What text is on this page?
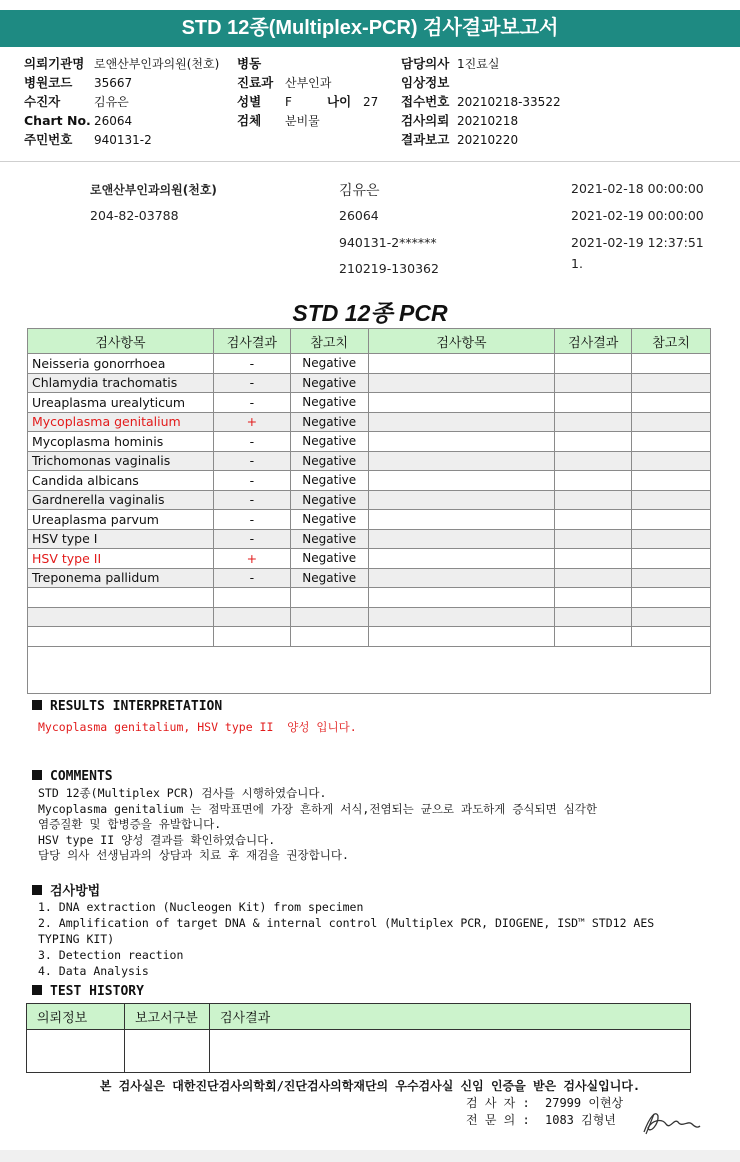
STD 12종(Multiplex-PCR) 검사결과보고서
의뢰기관명 로앤산부인과의원(천호)
병원코드 35667
수진자	김유은
Chart No. 26064
주민번호 940131-2
병동
진료과 산부인과
성별 F
검체 분비물
나이 27
담당의사 1진료실
임상정보
접수번호 20210218-33522
검사의뢰 20210218
결과보고 20210220
로앤산부인과의원(천호)
204-82-03788
김유은
26064
940131-2******
210219-130362
2021-02-18 00:00:00
2021-02-19 00:00:00
2021-02-19 12:37:51
1.
STD 12종 PCR
검사항목	검사결과	참고치	검사항목	검사결과	참고치
Neisseria gonorrhoea	-	Negative			
Chlamydia trachomatis	-	Negative			
Ureaplasma urealyticum	-	Negative			
Mycoplasma genitalium	+	Negative			
Mycoplasma hominis	-	Negative			
Trichomonas vaginalis	-	Negative			
Candida albicans	-	Negative			
Gardnerella vaginalis	-	Negative			
Ureaplasma parvum	-	Negative			
HSV type I	-	Negative			
HSV type II	+	Negative			
Treponema pallidum	-	Negative			

RESULTS INTERPRETATION
Mycoplasma genitalium, HSV type II  양성 입니다.
COMMENTS
STD 12종(Multiplex PCR) 검사를 시행하였습니다.
Mycoplasma genitalium 는 점막표면에 가장 흔하게 서식,전염되는 균으로 과도하게 증식되면 심각한
염증질환 및 합병증을 유발합니다.
HSV type II 양성 결과를 확인하였습니다.
담당 의사 선생님과의 상담과 치료 후 재검을 권장합니다.
검사방법
1. DNA extraction (Nucleogen Kit) from specimen
2. Amplification of target DNA & internal control (Multiplex PCR, DIOGENE, ISD™ STD12 AES
TYPING KIT)
3. Detection reaction
4. Data Analysis
TEST HISTORY
의뢰정보	보고서구분	검사결과

본 검사실은 대한진단검사의학회/진단검사의학재단의 우수검사실 신임 인증을 받은 검사실입니다.
검 사 자 : 27999 이현상
전 문 의 : 1083 김형년
